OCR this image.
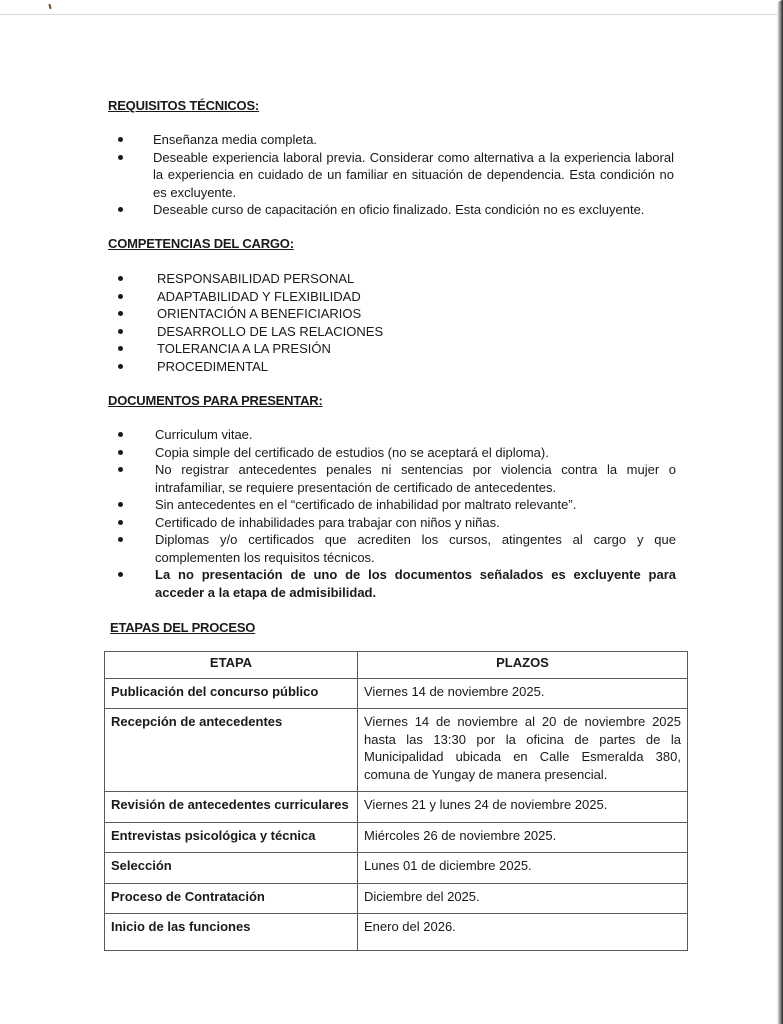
REQUISITOS TÉCNICOS:
Enseñanza media completa.
Deseable experiencia laboral previa. Considerar como alternativa a la experiencia laboral la experiencia en cuidado de un familiar en situación de dependencia. Esta condición no es excluyente.
Deseable curso de capacitación en oficio finalizado. Esta condición no es excluyente.
COMPETENCIAS DEL CARGO:
RESPONSABILIDAD PERSONAL
ADAPTABILIDAD Y FLEXIBILIDAD
ORIENTACIÓN A BENEFICIARIOS
DESARROLLO DE LAS RELACIONES
TOLERANCIA A LA PRESIÓN
PROCEDIMENTAL
DOCUMENTOS PARA PRESENTAR:
Curriculum vitae.
Copia simple del certificado de estudios (no se aceptará el diploma).
No registrar antecedentes penales ni sentencias por violencia contra la mujer o intrafamiliar, se requiere presentación de certificado de antecedentes.
Sin antecedentes en el “certificado de inhabilidad por maltrato relevante”.
Certificado de inhabilidades para trabajar con niños y niñas.
Diplomas y/o certificados que acrediten los cursos, atingentes al cargo y que complementen los requisitos técnicos.
La no presentación de uno de los documentos señalados es excluyente para acceder a la etapa de admisibilidad.
ETAPAS DEL PROCESO
ETAPA	PLAZOS
Publicación del concurso público	Viernes 14 de noviembre 2025.
Recepción de antecedentes	Viernes 14 de noviembre al 20 de noviembre 2025 hasta las 13:30 por la oficina de partes de la Municipalidad ubicada en Calle Esmeralda 380, comuna de Yungay de manera presencial.
Revisión de antecedentes curriculares	Viernes 21 y lunes 24 de noviembre 2025.
Entrevistas psicológica y técnica	Miércoles 26 de noviembre 2025.
Selección	Lunes 01 de diciembre 2025.
Proceso de Contratación	Diciembre del 2025.
Inicio de las funciones	Enero del 2026.
